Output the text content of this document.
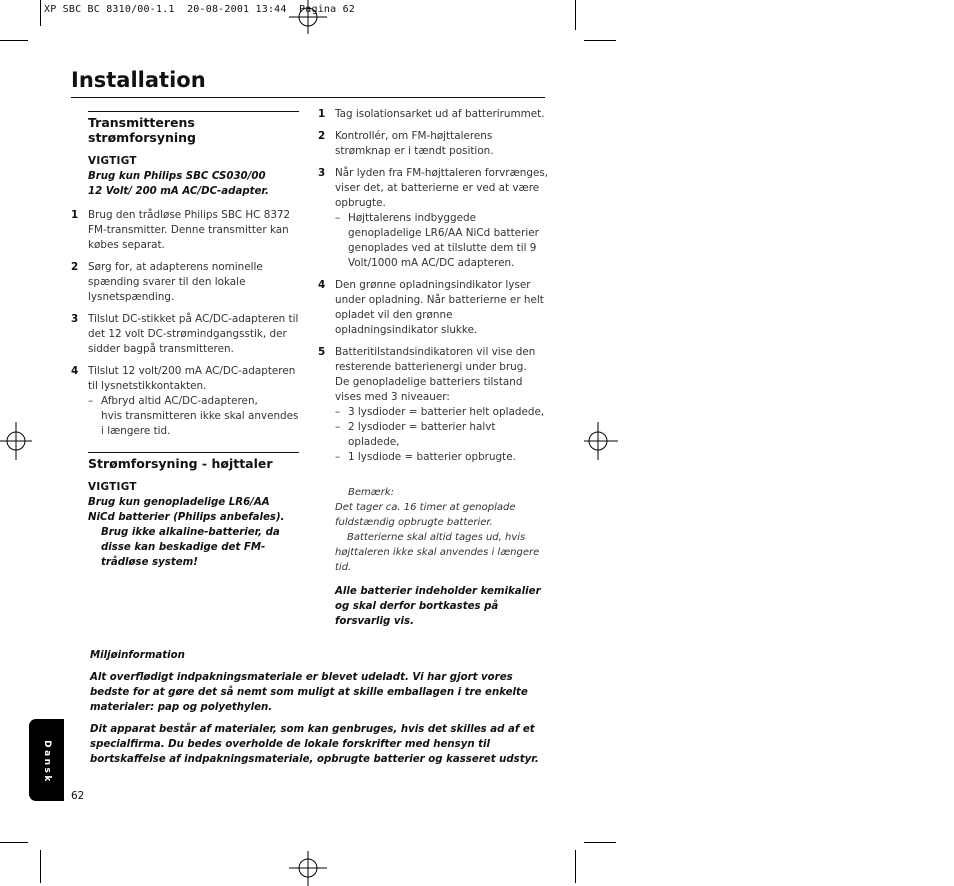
XP SBC BC 8310/00-1.1  20-08-2001 13:44  Pagina 62
Installation
Transmitterens strømforsyning
VIGTIGT
Brug kun Philips SBC CS030/00
12 Volt/ 200 mA AC/DC-adapter.
1 Brug den trådløse Philips SBC HC 8372 FM-transmitter. Denne transmitter kan købes separat.
2 Sørg for, at adapterens nominelle spænding svarer til den lokale lysnetspænding.
3 Tilslut DC-stikket på AC/DC-adapteren til det 12 volt DC-strømindgangsstik, der sidder bagpå transmitteren.
4 Tilslut 12 volt/200 mA AC/DC-adapteren til lysnetstikkontakten.
– Afbryd altid AC/DC-adapteren,
hvis transmitteren ikke skal anvendes i længere tid.
Strømforsyning - højttaler
VIGTIGT
Brug kun genopladelige LR6/AA NiCd batterier (Philips anbefales).
Brug ikke alkaline-batterier, da disse kan beskadige det FM-trådløse system!
1 Tag isolationsarket ud af batterirummet.
2 Kontrollér, om FM-højttalerens strømknap er i tændt position.
3 Når lyden fra FM-højttaleren forvrænges, viser det, at batterierne er ved at være opbrugte.
– Højttalerens indbyggede genopladelige LR6/AA NiCd batterier genoplades ved at tilslutte dem til 9 Volt/1000 mA AC/DC adapteren.
4 Den grønne opladningsindikator lyser under opladning. Når batterierne er helt opladet vil den grønne opladningsindikator slukke.
5 Batteritilstandsindikatoren vil vise den resterende batterienergi under brug.
De genopladelige batteriers tilstand vises med 3 niveauer:
– 3 lysdioder = batterier helt opladede,
– 2 lysdioder = batterier halvt opladede,
– 1 lysdiode = batterier opbrugte.
Bemærk:
Det tager ca. 16 timer at genoplade fuldstændig opbrugte batterier.
Batterierne skal altid tages ud, hvis højttaleren ikke skal anvendes i længere tid.
Alle batterier indeholder kemikalier og skal derfor bortkastes på forsvarlig vis.

Miljøinformation

Alt overflødigt indpakningsmateriale er blevet udeladt. Vi har gjort vores bedste for at gøre det så nemt som muligt at skille emballagen i tre enkelte materialer: pap og polyethylen.

Dit apparat består af materialer, som kan genbruges, hvis det skilles ad af et specialfirma. Du bedes overholde de lokale forskrifter med hensyn til bortskaffelse af indpakningsmateriale, opbrugte batterier og kasseret udstyr.

Dansk
62
